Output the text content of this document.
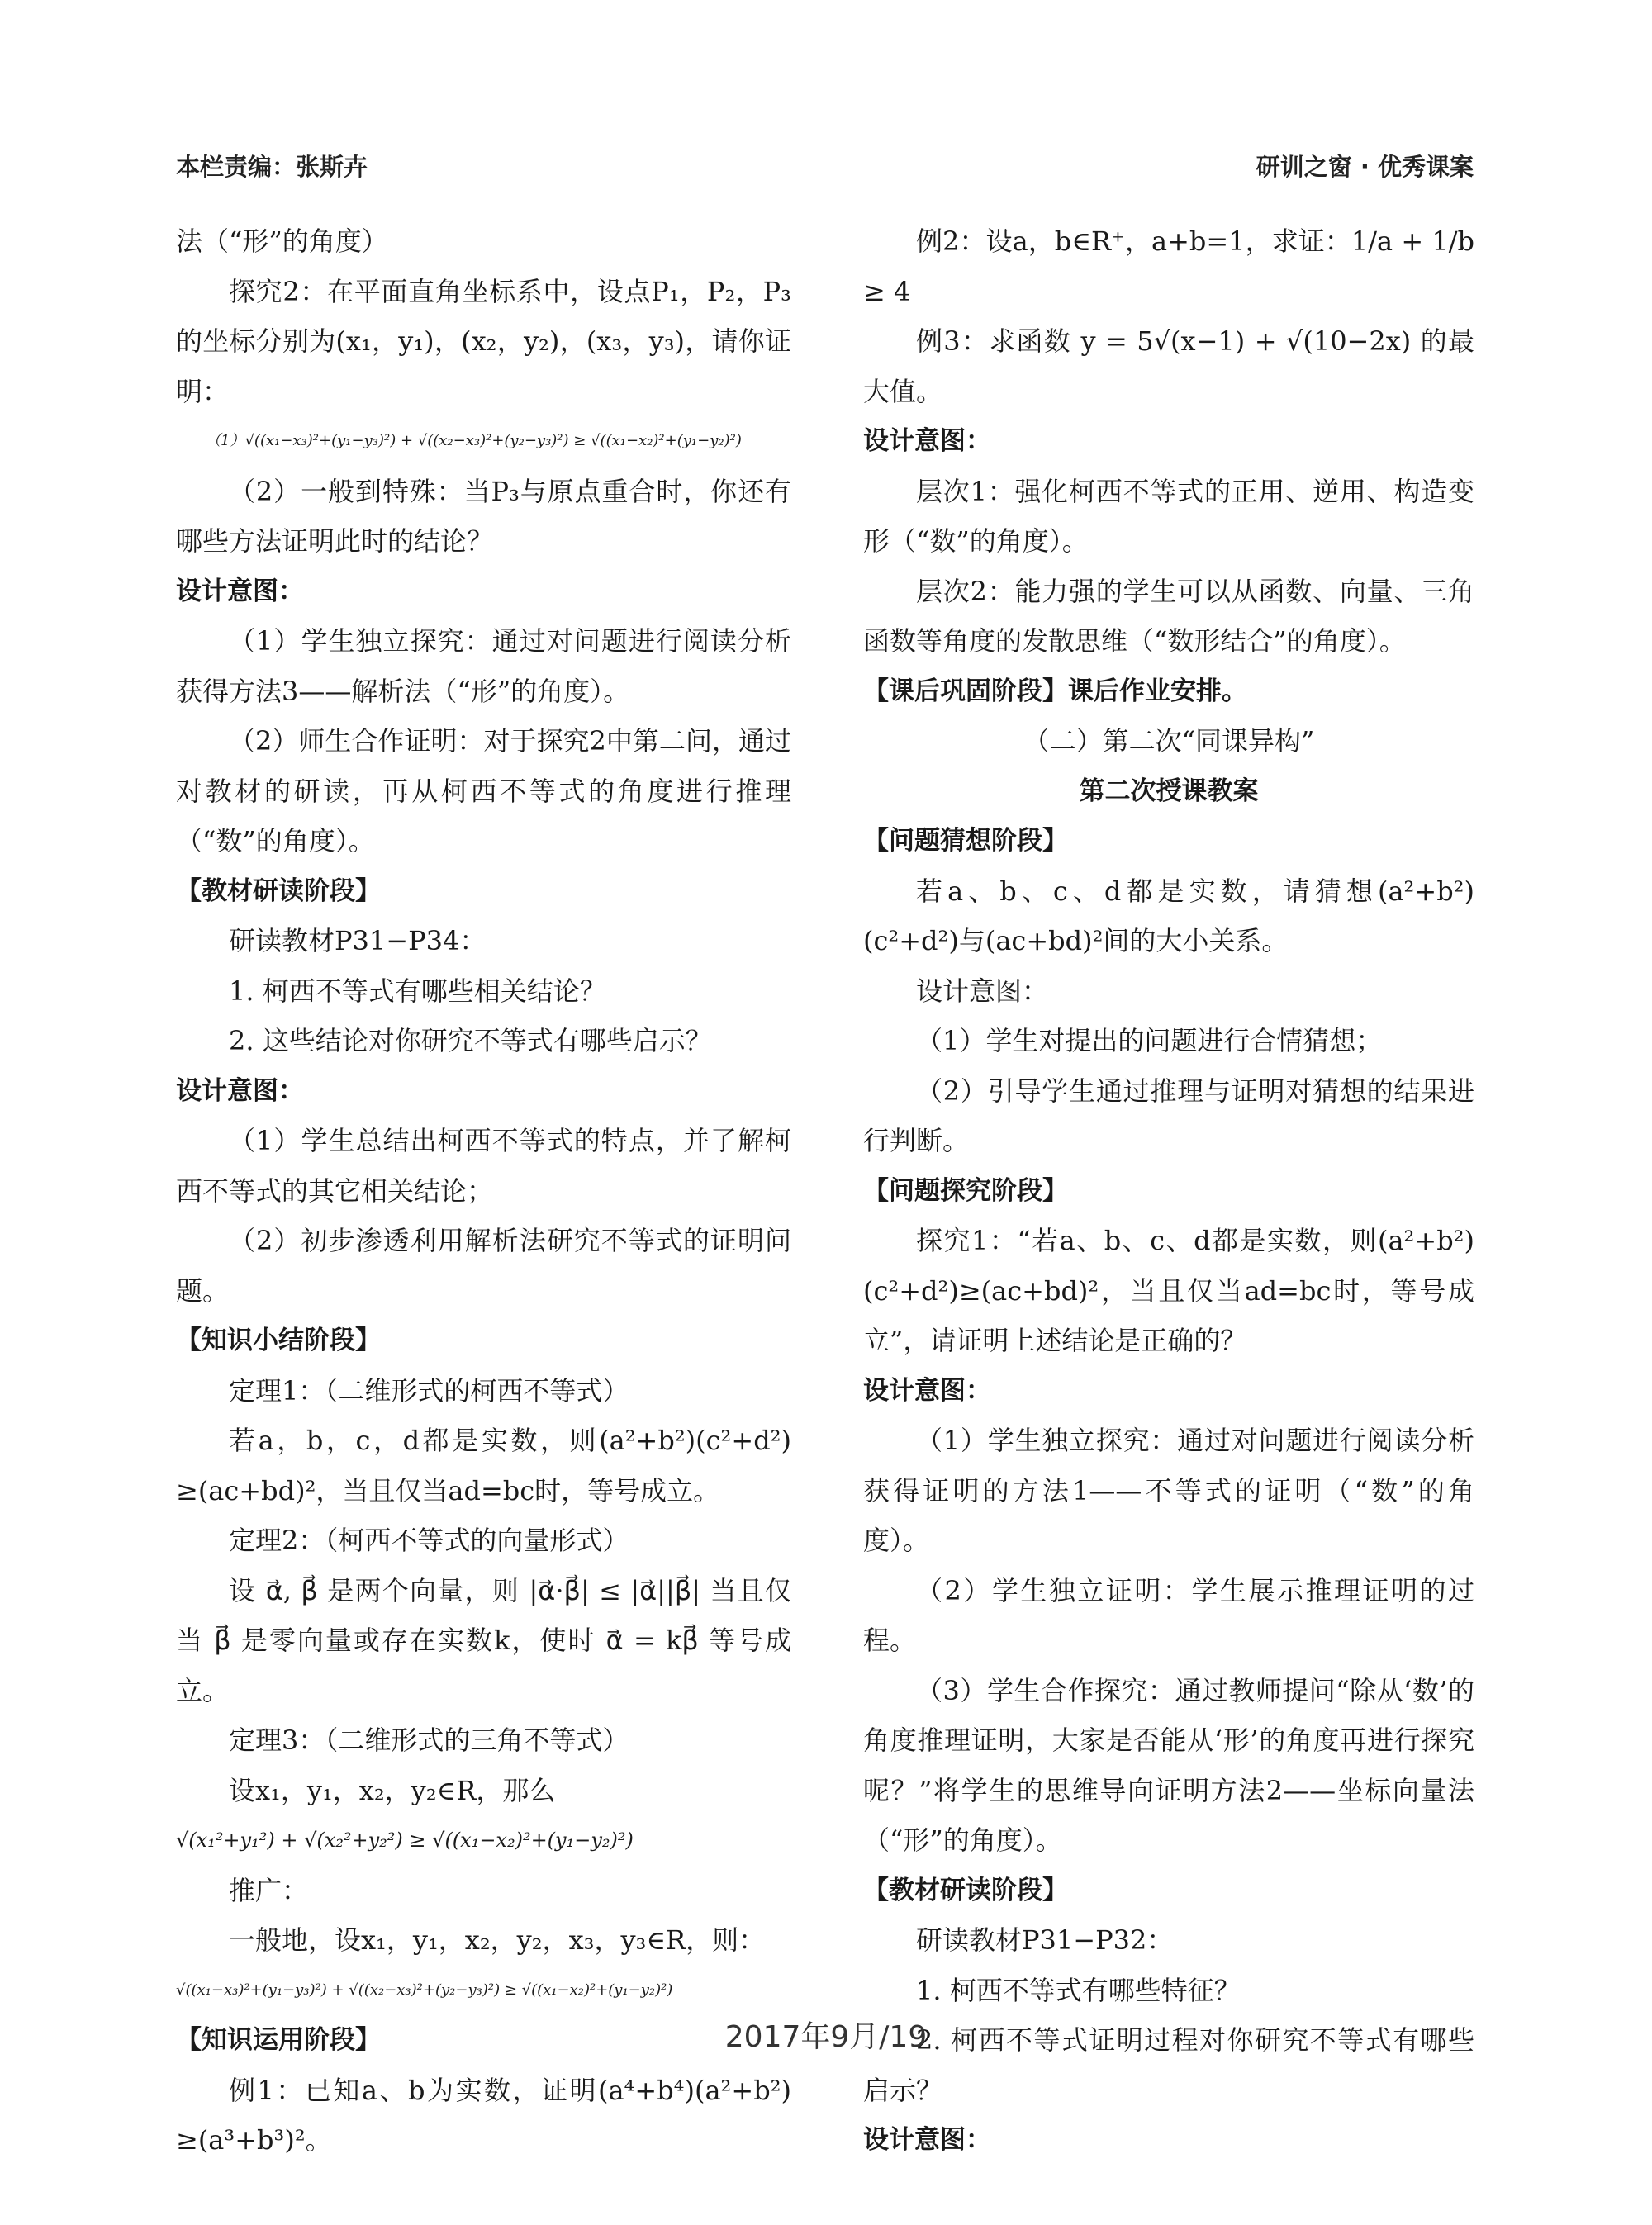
本栏责编：张斯卉	研训之窗 · 优秀课案

法（“形”的角度）

探究2：在平面直角坐标系中，设点P₁，P₂，P₃的坐标分别为(x₁，y₁)，(x₂，y₂)，(x₃，y₃)，请你证明：

（1）√((x₁−x₃)²+(y₁−y₃)²) + √((x₂−x₃)²+(y₂−y₃)²) ≥ √((x₁−x₂)²+(y₁−y₂)²)

（2）一般到特殊：当P₃与原点重合时，你还有哪些方法证明此时的结论？

设计意图：

（1）学生独立探究：通过对问题进行阅读分析获得方法3——解析法（“形”的角度）。

（2）师生合作证明：对于探究2中第二问，通过对教材的研读，再从柯西不等式的角度进行推理（“数”的角度）。

【教材研读阶段】

研读教材P31−P34：

1. 柯西不等式有哪些相关结论？

2. 这些结论对你研究不等式有哪些启示？

设计意图：

（1）学生总结出柯西不等式的特点，并了解柯西不等式的其它相关结论；

（2）初步渗透利用解析法研究不等式的证明问题。

【知识小结阶段】

定理1：（二维形式的柯西不等式）

若a，b，c，d都是实数，则(a²+b²)(c²+d²) ≥(ac+bd)²，当且仅当ad=bc时，等号成立。

定理2：（柯西不等式的向量形式）

设 α⃗, β⃗ 是两个向量，则 |α⃗·β⃗| ≤ |α⃗||β⃗| 当且仅当 β⃗ 是零向量或存在实数k，使时 α⃗ = kβ⃗ 等号成立。

定理3：（二维形式的三角不等式）

设x₁，y₁，x₂，y₂∈R，那么

√(x₁²+y₁²) + √(x₂²+y₂²) ≥ √((x₁−x₂)²+(y₁−y₂)²)

推广：

一般地，设x₁，y₁，x₂，y₂，x₃，y₃∈R，则：

√((x₁−x₃)²+(y₁−y₃)²) + √((x₂−x₃)²+(y₂−y₃)²) ≥ √((x₁−x₂)²+(y₁−y₂)²)

【知识运用阶段】

例1：已知a、b为实数，证明(a⁴+b⁴)(a²+b²) ≥(a³+b³)²。

例2：设a，b∈R⁺，a+b=1，求证：1/a + 1/b ≥ 4

例3：求函数 y = 5√(x−1) + √(10−2x) 的最大值。

设计意图：

层次1：强化柯西不等式的正用、逆用、构造变形（“数”的角度）。

层次2：能力强的学生可以从函数、向量、三角函数等角度的发散思维（“数形结合”的角度）。

【课后巩固阶段】课后作业安排。

（二）第二次“同课异构”

第二次授课教案

【问题猜想阶段】

若a、b、c、d都是实数，请猜想(a²+b²)(c²+d²)与(ac+bd)²间的大小关系。

设计意图：

（1）学生对提出的问题进行合情猜想；

（2）引导学生通过推理与证明对猜想的结果进行判断。

【问题探究阶段】

探究1：“若a、b、c、d都是实数，则(a²+b²)(c²+d²)≥(ac+bd)²，当且仅当ad=bc时，等号成立”，请证明上述结论是正确的？

设计意图：

（1）学生独立探究：通过对问题进行阅读分析获得证明的方法1——不等式的证明（“数”的角度）。

（2）学生独立证明：学生展示推理证明的过程。

（3）学生合作探究：通过教师提问“除从‘数’的角度推理证明，大家是否能从‘形’的角度再进行探究呢？”将学生的思维导向证明方法2——坐标向量法（“形”的角度）。

【教材研读阶段】

研读教材P31−P32：

1. 柯西不等式有哪些特征？

2. 柯西不等式证明过程对你研究不等式有哪些启示？

设计意图：

2017年9月/19
